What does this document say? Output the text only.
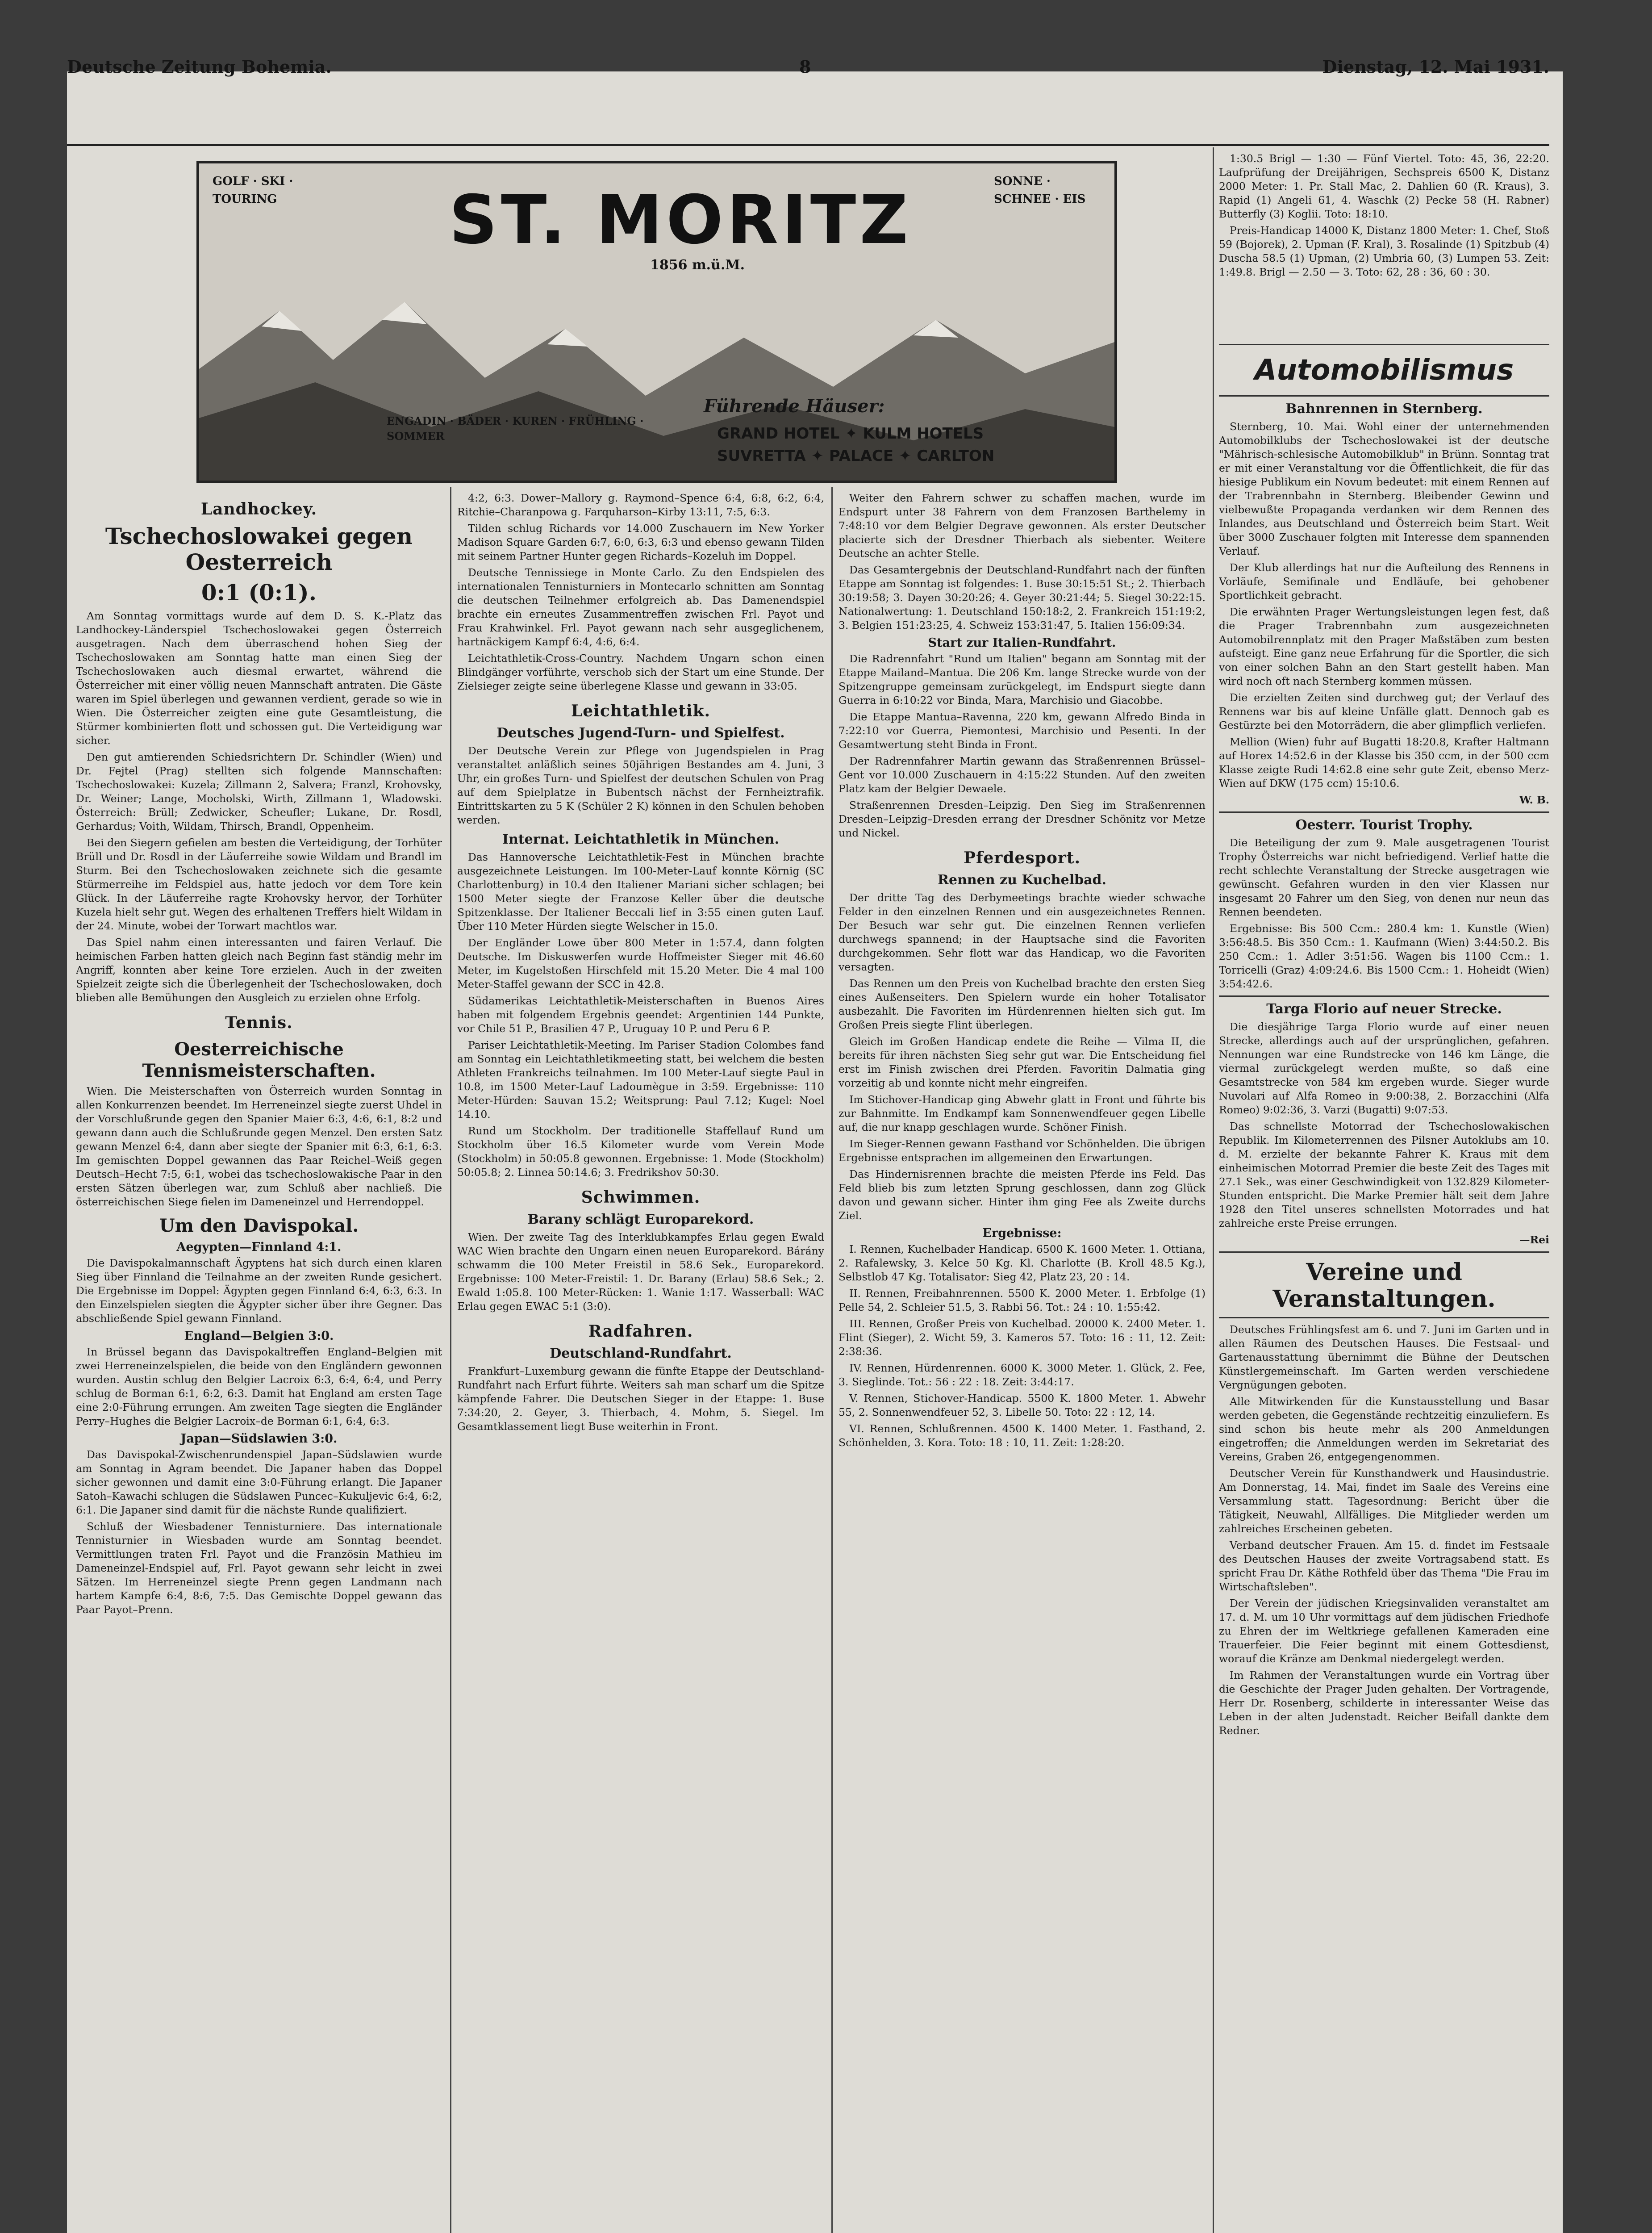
Deutsche Zeitung Bohemia.	8	Dienstag, 12. Mai 1931.
GOLF · SKI · TOURING	ST. MORITZ
1856 m.ü.M.
SONNE · SCHNEE · EIS
ENGADIN · BÄDER · KUREN · FRÜHLING · SOMMER
Führende Häuser:
GRAND HOTEL ✦ KULM HOTELS
SUVRETTA ✦ PALACE ✦ CARLTON

1:30.5 Brigl — 1:30 — Fünf Viertel. Toto: 45, 36, 22:20. Laufprüfung der Dreijährigen, Sechspreis 6500 K, Distanz 2000 Meter: 1. Pr. Stall Mac, 2. Dahlien 60 (R. Kraus), 3. Rapid (1) Angeli 61, 4. Waschk (2) Pecke 58 (H. Rabner) Butterfly (3) Koglii. Toto: 18:10.

Preis-Handicap 14000 K, Distanz 1800 Meter: 1. Chef, Stoß 59 (Bojorek), 2. Upman (F. Kral), 3. Rosalinde (1) Spitzbub (4) Duscha 58.5 (1) Upman, (2) Umbria 60, (3) Lumpen 53. Zeit: 1:49.8. Brigl — 2.50 — 3. Toto: 62, 28 : 36, 60 : 30.

Automobilismus
Bahnrennen in Sternberg.

Sternberg, 10. Mai. Wohl einer der unternehmenden Automobilklubs der Tschechoslowakei ist der deutsche "Mährisch-schlesische Automobilklub" in Brünn. Sonntag trat er mit einer Veranstaltung vor die Öffentlichkeit, die für das hiesige Publikum ein Novum bedeutet: mit einem Rennen auf der Trabrennbahn in Sternberg. Bleibender Gewinn und vielbewußte Propaganda verdanken wir dem Rennen des Inlandes, aus Deutschland und Österreich beim Start. Weit über 3000 Zuschauer folgten mit Interesse dem spannenden Verlauf.

Der Klub allerdings hat nur die Aufteilung des Rennens in Vorläufe, Semifinale und Endläufe, bei gehobener Sportlichkeit gebracht.

Die erwähnten Prager Wertungsleistungen legen fest, daß die Prager Trabrennbahn zum ausgezeichneten Automobilrennplatz mit den Prager Maßstäben zum besten aufsteigt. Eine ganz neue Erfahrung für die Sportler, die sich von einer solchen Bahn an den Start gestellt haben. Man wird noch oft nach Sternberg kommen müssen.

Die erzielten Zeiten sind durchweg gut; der Verlauf des Rennens war bis auf kleine Unfälle glatt. Dennoch gab es Gestürzte bei den Motorrädern, die aber glimpflich verliefen.

Mellion (Wien) fuhr auf Bugatti 18:20.8, Krafter Haltmann auf Horex 14:52.6 in der Klasse bis 350 ccm, in der 500 ccm Klasse zeigte Rudi 14:62.8 eine sehr gute Zeit, ebenso Merz-Wien auf DKW (175 ccm) 15:10.6.

W. B.
Oesterr. Tourist Trophy.

Die Beteiligung der zum 9. Male ausgetragenen Tourist Trophy Österreichs war nicht befriedigend. Verlief hatte die recht schlechte Veranstaltung der Strecke ausgetragen wie gewünscht. Gefahren wurden in den vier Klassen nur insgesamt 20 Fahrer um den Sieg, von denen nur neun das Rennen beendeten.

Ergebnisse: Bis 500 Ccm.: 280.4 km: 1. Kunstle (Wien) 3:56:48.5. Bis 350 Ccm.: 1. Kaufmann (Wien) 3:44:50.2. Bis 250 Ccm.: 1. Adler 3:51:56. Wagen bis 1100 Ccm.: 1. Torricelli (Graz) 4:09:24.6. Bis 1500 Ccm.: 1. Hoheidt (Wien) 3:54:42.6.

Targa Florio auf neuer Strecke.

Die diesjährige Targa Florio wurde auf einer neuen Strecke, allerdings auch auf der ursprünglichen, gefahren. Nennungen war eine Rundstrecke von 146 km Länge, die viermal zurückgelegt werden mußte, so daß eine Gesamtstrecke von 584 km ergeben wurde. Sieger wurde Nuvolari auf Alfa Romeo in 9:00:38, 2. Borzacchini (Alfa Romeo) 9:02:36, 3. Varzi (Bugatti) 9:07:53.

Das schnellste Motorrad der Tschechoslowakischen Republik. Im Kilometerrennen des Pilsner Autoklubs am 10. d. M. erzielte der bekannte Fahrer K. Kraus mit dem einheimischen Motorrad Premier die beste Zeit des Tages mit 27.1 Sek., was einer Geschwindigkeit von 132.829 Kilometer-Stunden entspricht. Die Marke Premier hält seit dem Jahre 1928 den Titel unseres schnellsten Motorrades und hat zahlreiche erste Preise errungen.

—Rei
Vereine und Veranstaltungen.

Deutsches Frühlingsfest am 6. und 7. Juni im Garten und in allen Räumen des Deutschen Hauses. Die Festsaal- und Gartenausstattung übernimmt die Bühne der Deutschen Künstlergemeinschaft. Im Garten werden verschiedene Vergnügungen geboten.

Alle Mitwirkenden für die Kunstausstellung und Basar werden gebeten, die Gegenstände rechtzeitig einzuliefern. Es sind schon bis heute mehr als 200 Anmeldungen eingetroffen; die Anmeldungen werden im Sekretariat des Vereins, Graben 26, entgegengenommen.

Deutscher Verein für Kunsthandwerk und Hausindustrie. Am Donnerstag, 14. Mai, findet im Saale des Vereins eine Versammlung statt. Tagesordnung: Bericht über die Tätigkeit, Neuwahl, Allfälliges. Die Mitglieder werden um zahlreiches Erscheinen gebeten.

Verband deutscher Frauen. Am 15. d. findet im Festsaale des Deutschen Hauses der zweite Vortragsabend statt. Es spricht Frau Dr. Käthe Rothfeld über das Thema "Die Frau im Wirtschaftsleben".

Der Verein der jüdischen Kriegsinvaliden veranstaltet am 17. d. M. um 10 Uhr vormittags auf dem jüdischen Friedhofe zu Ehren der im Weltkriege gefallenen Kameraden eine Trauerfeier. Die Feier beginnt mit einem Gottesdienst, worauf die Kränze am Denkmal niedergelegt werden.

Im Rahmen der Veranstaltungen wurde ein Vortrag über die Geschichte der Prager Juden gehalten. Der Vortragende, Herr Dr. Rosenberg, schilderte in interessanter Weise das Leben in der alten Judenstadt. Reicher Beifall dankte dem Redner.

Landhockey.
Tschechoslowakei gegen Oesterreich
0:1 (0:1).

Am Sonntag vormittags wurde auf dem D. S. K.-Platz das Landhockey-Länderspiel Tschechoslowakei gegen Österreich ausgetragen. Nach dem überraschend hohen Sieg der Tschechoslowaken am Sonntag hatte man einen Sieg der Tschechoslowaken auch diesmal erwartet, während die Österreicher mit einer völlig neuen Mannschaft antraten. Die Gäste waren im Spiel überlegen und gewannen verdient, gerade so wie in Wien. Die Österreicher zeigten eine gute Gesamtleistung, die Stürmer kombinierten flott und schossen gut. Die Verteidigung war sicher.

Den gut amtierenden Schiedsrichtern Dr. Schindler (Wien) und Dr. Fejtel (Prag) stellten sich folgende Mannschaften: Tschechoslowakei: Kuzela; Zillmann 2, Salvera; Franzl, Krohovsky, Dr. Weiner; Lange, Mocholski, Wirth, Zillmann 1, Wladowski. Österreich: Brüll; Zedwicker, Scheufler; Lukane, Dr. Rosdl, Gerhardus; Voith, Wildam, Thirsch, Brandl, Oppenheim.

Bei den Siegern gefielen am besten die Verteidigung, der Torhüter Brüll und Dr. Rosdl in der Läuferreihe sowie Wildam und Brandl im Sturm. Bei den Tschechoslowaken zeichnete sich die gesamte Stürmerreihe im Feldspiel aus, hatte jedoch vor dem Tore kein Glück. In der Läuferreihe ragte Krohovsky hervor, der Torhüter Kuzela hielt sehr gut. Wegen des erhaltenen Treffers hielt Wildam in der 24. Minute, wobei der Torwart machtlos war.

Das Spiel nahm einen interessanten und fairen Verlauf. Die heimischen Farben hatten gleich nach Beginn fast ständig mehr im Angriff, konnten aber keine Tore erzielen. Auch in der zweiten Spielzeit zeigte sich die Überlegenheit der Tschechoslowaken, doch blieben alle Bemühungen den Ausgleich zu erzielen ohne Erfolg.

Tennis.
Oesterreichische Tennismeisterschaften.

Wien. Die Meisterschaften von Österreich wurden Sonntag in allen Konkurrenzen beendet. Im Herreneinzel siegte zuerst Uhdel in der Vorschlußrunde gegen den Spanier Maier 6:3, 4:6, 6:1, 8:2 und gewann dann auch die Schlußrunde gegen Menzel. Den ersten Satz gewann Menzel 6:4, dann aber siegte der Spanier mit 6:3, 6:1, 6:3. Im gemischten Doppel gewannen das Paar Reichel–Weiß gegen Deutsch–Hecht 7:5, 6:1, wobei das tschechoslowakische Paar in den ersten Sätzen überlegen war, zum Schluß aber nachließ. Die österreichischen Siege fielen im Dameneinzel und Herrendoppel.

Um den Davispokal.
Aegypten—Finnland 4:1.

Die Davispokalmannschaft Ägyptens hat sich durch einen klaren Sieg über Finnland die Teilnahme an der zweiten Runde gesichert. Die Ergebnisse im Doppel: Ägypten gegen Finnland 6:4, 6:3, 6:3. In den Einzelspielen siegten die Ägypter sicher über ihre Gegner. Das abschließende Spiel gewann Finnland.

England—Belgien 3:0.

In Brüssel begann das Davispokaltreffen England–Belgien mit zwei Herreneinzelspielen, die beide von den Engländern gewonnen wurden. Austin schlug den Belgier Lacroix 6:3, 6:4, 6:4, und Perry schlug de Borman 6:1, 6:2, 6:3. Damit hat England am ersten Tage eine 2:0-Führung errungen. Am zweiten Tage siegten die Engländer Perry–Hughes die Belgier Lacroix–de Borman 6:1, 6:4, 6:3.

Japan—Südslawien 3:0.

Das Davispokal-Zwischenrundenspiel Japan–Südslawien wurde am Sonntag in Agram beendet. Die Japaner haben das Doppel sicher gewonnen und damit eine 3:0-Führung erlangt. Die Japaner Satoh–Kawachi schlugen die Südslawen Puncec–Kukuljevic 6:4, 6:2, 6:1. Die Japaner sind damit für die nächste Runde qualifiziert.

Schluß der Wiesbadener Tennisturniere. Das internationale Tennisturnier in Wiesbaden wurde am Sonntag beendet. Vermittlungen traten Frl. Payot und die Französin Mathieu im Dameneinzel-Endspiel auf, Frl. Payot gewann sehr leicht in zwei Sätzen. Im Herreneinzel siegte Prenn gegen Landmann nach hartem Kampfe 6:4, 8:6, 7:5. Das Gemischte Doppel gewann das Paar Payot–Prenn.

4:2, 6:3. Dower–Mallory g. Raymond–Spence 6:4, 6:8, 6:2, 6:4, Ritchie–Charanpowa g. Farquharson–Kirby 13:11, 7:5, 6:3.

Tilden schlug Richards vor 14.000 Zuschauern im New Yorker Madison Square Garden 6:7, 6:0, 6:3, 6:3 und ebenso gewann Tilden mit seinem Partner Hunter gegen Richards–Kozeluh im Doppel.

Deutsche Tennissiege in Monte Carlo. Zu den Endspielen des internationalen Tennisturniers in Montecarlo schnitten am Sonntag die deutschen Teilnehmer erfolgreich ab. Das Damenendspiel brachte ein erneutes Zusammentreffen zwischen Frl. Payot und Frau Krahwinkel. Frl. Payot gewann nach sehr ausgeglichenem, hartnäckigem Kampf 6:4, 4:6, 6:4.

Leichtathletik-Cross-Country. Nachdem Ungarn schon einen Blindgänger vorführte, verschob sich der Start um eine Stunde. Der Zielsieger zeigte seine überlegene Klasse und gewann in 33:05.

Leichtathletik.
Deutsches Jugend-Turn- und Spielfest.

Der Deutsche Verein zur Pflege von Jugendspielen in Prag veranstaltet anläßlich seines 50jährigen Bestandes am 4. Juni, 3 Uhr, ein großes Turn- und Spielfest der deutschen Schulen von Prag auf dem Spielplatze in Bubentsch nächst der Fernheiztrafik. Eintrittskarten zu 5 K (Schüler 2 K) können in den Schulen behoben werden.

Internat. Leichtathletik in München.

Das Hannoversche Leichtathletik-Fest in München brachte ausgezeichnete Leistungen. Im 100-Meter-Lauf konnte Körnig (SC Charlottenburg) in 10.4 den Italiener Mariani sicher schlagen; bei 1500 Meter siegte der Franzose Keller über die deutsche Spitzenklasse. Der Italiener Beccali lief in 3:55 einen guten Lauf. Über 110 Meter Hürden siegte Welscher in 15.0.

Der Engländer Lowe über 800 Meter in 1:57.4, dann folgten Deutsche. Im Diskuswerfen wurde Hoffmeister Sieger mit 46.60 Meter, im Kugelstoßen Hirschfeld mit 15.20 Meter. Die 4 mal 100 Meter-Staffel gewann der SCC in 42.8.

Südamerikas Leichtathletik-Meisterschaften in Buenos Aires haben mit folgendem Ergebnis geendet: Argentinien 144 Punkte, vor Chile 51 P., Brasilien 47 P., Uruguay 10 P. und Peru 6 P.

Pariser Leichtathletik-Meeting. Im Pariser Stadion Colombes fand am Sonntag ein Leichtathletikmeeting statt, bei welchem die besten Athleten Frankreichs teilnahmen. Im 100 Meter-Lauf siegte Paul in 10.8, im 1500 Meter-Lauf Ladoumègue in 3:59. Ergebnisse: 110 Meter-Hürden: Sauvan 15.2; Weitsprung: Paul 7.12; Kugel: Noel 14.10.

Rund um Stockholm. Der traditionelle Staffellauf Rund um Stockholm über 16.5 Kilometer wurde vom Verein Mode (Stockholm) in 50:05.8 gewonnen. Ergebnisse: 1. Mode (Stockholm) 50:05.8; 2. Linnea 50:14.6; 3. Fredrikshov 50:30.

Schwimmen.
Barany schlägt Europarekord.

Wien. Der zweite Tag des Interklubkampfes Erlau gegen Ewald WAC Wien brachte den Ungarn einen neuen Europarekord. Bárány schwamm die 100 Meter Freistil in 58.6 Sek., Europarekord. Ergebnisse: 100 Meter-Freistil: 1. Dr. Barany (Erlau) 58.6 Sek.; 2. Ewald 1:05.8. 100 Meter-Rücken: 1. Wanie 1:17. Wasserball: WAC Erlau gegen EWAC 5:1 (3:0).

Radfahren.
Deutschland-Rundfahrt.

Frankfurt–Luxemburg gewann die fünfte Etappe der Deutschland-Rundfahrt nach Erfurt führte. Weiters sah man scharf um die Spitze kämpfende Fahrer. Die Deutschen Sieger in der Etappe: 1. Buse 7:34:20, 2. Geyer, 3. Thierbach, 4. Mohm, 5. Siegel. Im Gesamtklassement liegt Buse weiterhin in Front.

Weiter den Fahrern schwer zu schaffen machen, wurde im Endspurt unter 38 Fahrern von dem Franzosen Barthelemy in 7:48:10 vor dem Belgier Degrave gewonnen. Als erster Deutscher placierte sich der Dresdner Thierbach als siebenter. Weitere Deutsche an achter Stelle.

Das Gesamtergebnis der Deutschland-Rundfahrt nach der fünften Etappe am Sonntag ist folgendes: 1. Buse 30:15:51 St.; 2. Thierbach 30:19:58; 3. Dayen 30:20:26; 4. Geyer 30:21:44; 5. Siegel 30:22:15. Nationalwertung: 1. Deutschland 150:18:2, 2. Frankreich 151:19:2, 3. Belgien 151:23:25, 4. Schweiz 153:31:47, 5. Italien 156:09:34.

Start zur Italien-Rundfahrt.

Die Radrennfahrt "Rund um Italien" begann am Sonntag mit der Etappe Mailand–Mantua. Die 206 Km. lange Strecke wurde von der Spitzengruppe gemeinsam zurückgelegt, im Endspurt siegte dann Guerra in 6:10:22 vor Binda, Mara, Marchisio und Giacobbe.

Die Etappe Mantua–Ravenna, 220 km, gewann Alfredo Binda in 7:22:10 vor Guerra, Piemontesi, Marchisio und Pesenti. In der Gesamtwertung steht Binda in Front.

Der Radrennfahrer Martin gewann das Straßenrennen Brüssel–Gent vor 10.000 Zuschauern in 4:15:22 Stunden. Auf den zweiten Platz kam der Belgier Dewaele.

Straßenrennen Dresden–Leipzig. Den Sieg im Straßenrennen Dresden–Leipzig–Dresden errang der Dresdner Schönitz vor Metze und Nickel.

Pferdesport.
Rennen zu Kuchelbad.

Der dritte Tag des Derbymeetings brachte wieder schwache Felder in den einzelnen Rennen und ein ausgezeichnetes Rennen. Der Besuch war sehr gut. Die einzelnen Rennen verliefen durchwegs spannend; in der Hauptsache sind die Favoriten durchgekommen. Sehr flott war das Handicap, wo die Favoriten versagten.

Das Rennen um den Preis von Kuchelbad brachte den ersten Sieg eines Außenseiters. Den Spielern wurde ein hoher Totalisator ausbezahlt. Die Favoriten im Hürdenrennen hielten sich gut. Im Großen Preis siegte Flint überlegen.

Gleich im Großen Handicap endete die Reihe — Vilma II, die bereits für ihren nächsten Sieg sehr gut war. Die Entscheidung fiel erst im Finish zwischen drei Pferden. Favoritin Dalmatia ging vorzeitig ab und konnte nicht mehr eingreifen.

Im Stichover-Handicap ging Abwehr glatt in Front und führte bis zur Bahnmitte. Im Endkampf kam Sonnenwendfeuer gegen Libelle auf, die nur knapp geschlagen wurde. Schöner Finish.

Im Sieger-Rennen gewann Fasthand vor Schönhelden. Die übrigen Ergebnisse entsprachen im allgemeinen den Erwartungen.

Das Hindernisrennen brachte die meisten Pferde ins Feld. Das Feld blieb bis zum letzten Sprung geschlossen, dann zog Glück davon und gewann sicher. Hinter ihm ging Fee als Zweite durchs Ziel.

Ergebnisse:

I. Rennen, Kuchelbader Handicap. 6500 K. 1600 Meter. 1. Ottiana, 2. Rafalewsky, 3. Kelce 50 Kg. Kl. Charlotte (B. Kroll 48.5 Kg.), Selbstlob 47 Kg. Totalisator: Sieg 42, Platz 23, 20 : 14.

II. Rennen, Freibahnrennen. 5500 K. 2000 Meter. 1. Erbfolge (1) Pelle 54, 2. Schleier 51.5, 3. Rabbi 56. Tot.: 24 : 10. 1:55:42.

III. Rennen, Großer Preis von Kuchelbad. 20000 K. 2400 Meter. 1. Flint (Sieger), 2. Wicht 59, 3. Kameros 57. Toto: 16 : 11, 12. Zeit: 2:38:36.

IV. Rennen, Hürdenrennen. 6000 K. 3000 Meter. 1. Glück, 2. Fee, 3. Sieglinde. Tot.: 56 : 22 : 18. Zeit: 3:44:17.

V. Rennen, Stichover-Handicap. 5500 K. 1800 Meter. 1. Abwehr 55, 2. Sonnenwendfeuer 52, 3. Libelle 50. Toto: 22 : 12, 14.

VI. Rennen, Schlußrennen. 4500 K. 1400 Meter. 1. Fasthand, 2. Schönhelden, 3. Kora. Toto: 18 : 10, 11. Zeit: 1:28:20.
